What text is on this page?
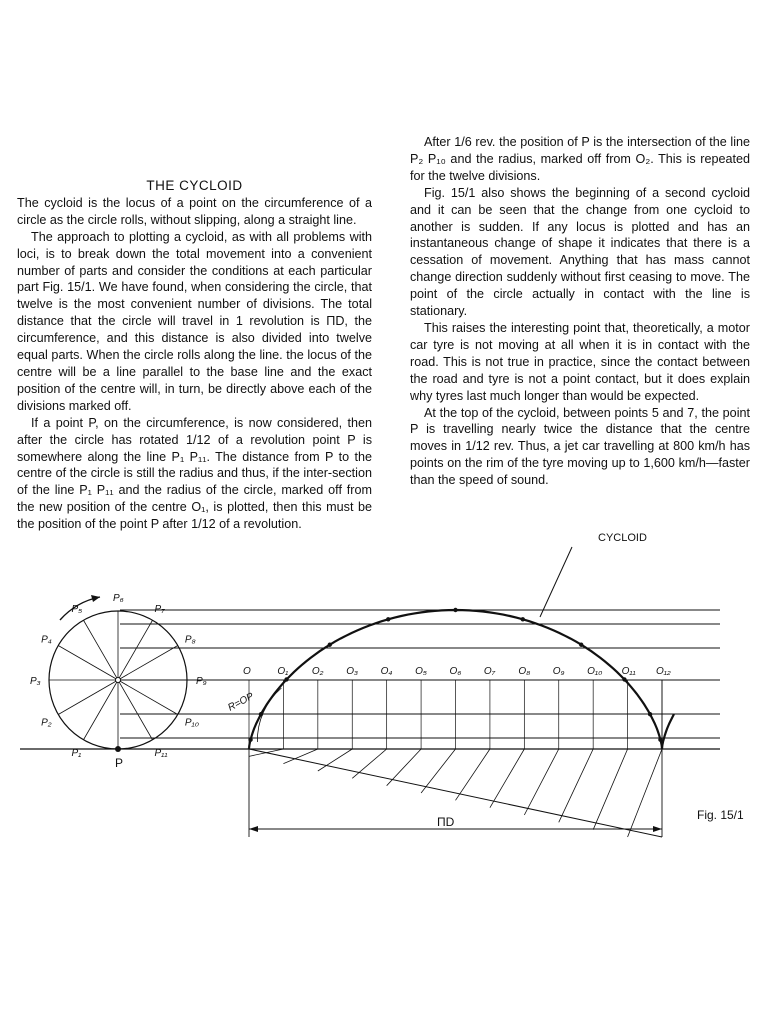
THE CYCLOID

The cycloid is the locus of a point on the circumference of a circle as the circle rolls, without slipping, along a straight line.

The approach to plotting a cycloid, as with all problems with loci, is to break down the total movement into a convenient number of parts and consider the conditions at each particular part Fig. 15/1. We have found, when considering the circle, that twelve is the most convenient number of divisions. The total distance that the circle will travel in 1 revolution is ΠD, the circumference, and this distance is also divided into twelve equal parts. When the circle rolls along the line. the locus of the centre will be a line parallel to the base line and the exact position of the centre will, in turn, be directly above each of the divisions marked off.

If a point P, on the circumference, is now considered, then after the circle has rotated 1/12 of a revolution point P is somewhere along the line P₁ P₁₁. The distance from P to the centre of the circle is still the radius and thus, if the inter-section of the line P₁ P₁₁ and the radius of the circle, marked off from the new position of the centre O₁, is plotted, then this must be the position of the point P after 1/12 of a revolution.

After 1/6 rev. the position of P is the intersection of the line P₂ P₁₀ and the radius, marked off from O₂. This is repeated for the twelve divisions.

Fig. 15/1 also shows the beginning of a second cycloid and it can be seen that the change from one cycloid to another is sudden. If any locus is plotted and has an instantaneous change of shape it indicates that there is a cessation of movement. Anything that has mass cannot change direction suddenly without first ceasing to move. The point of the circle actually in contact with the line is stationary.

This raises the interesting point that, theoretically, a motor car tyre is not moving at all when it is in contact with the road. This is not true in practice, since the contact between the road and tyre is not a point contact, but it does explain why tyres last much longer than would be expected.

At the top of the cycloid, between points 5 and 7, the point P is travelling nearly twice the distance that the centre moves in 1/12 rev. Thus, a jet car travelling at 800 km/h has points on the rim of the tyre moving up to 1,600 km/h—faster than the speed of sound.

P
P₁
P₂
P₃
P₄
P₅
P₆
P₇
P₈
P₉
P₁₀
P₁₁
O	O₁ O₂ O₃ O₄ O₅ O₆ O₇ O₈ O₉ O₁₀ O₁₁ O₁₂
CYCLOID
ΠD	Fig. 15/1
R=OP
